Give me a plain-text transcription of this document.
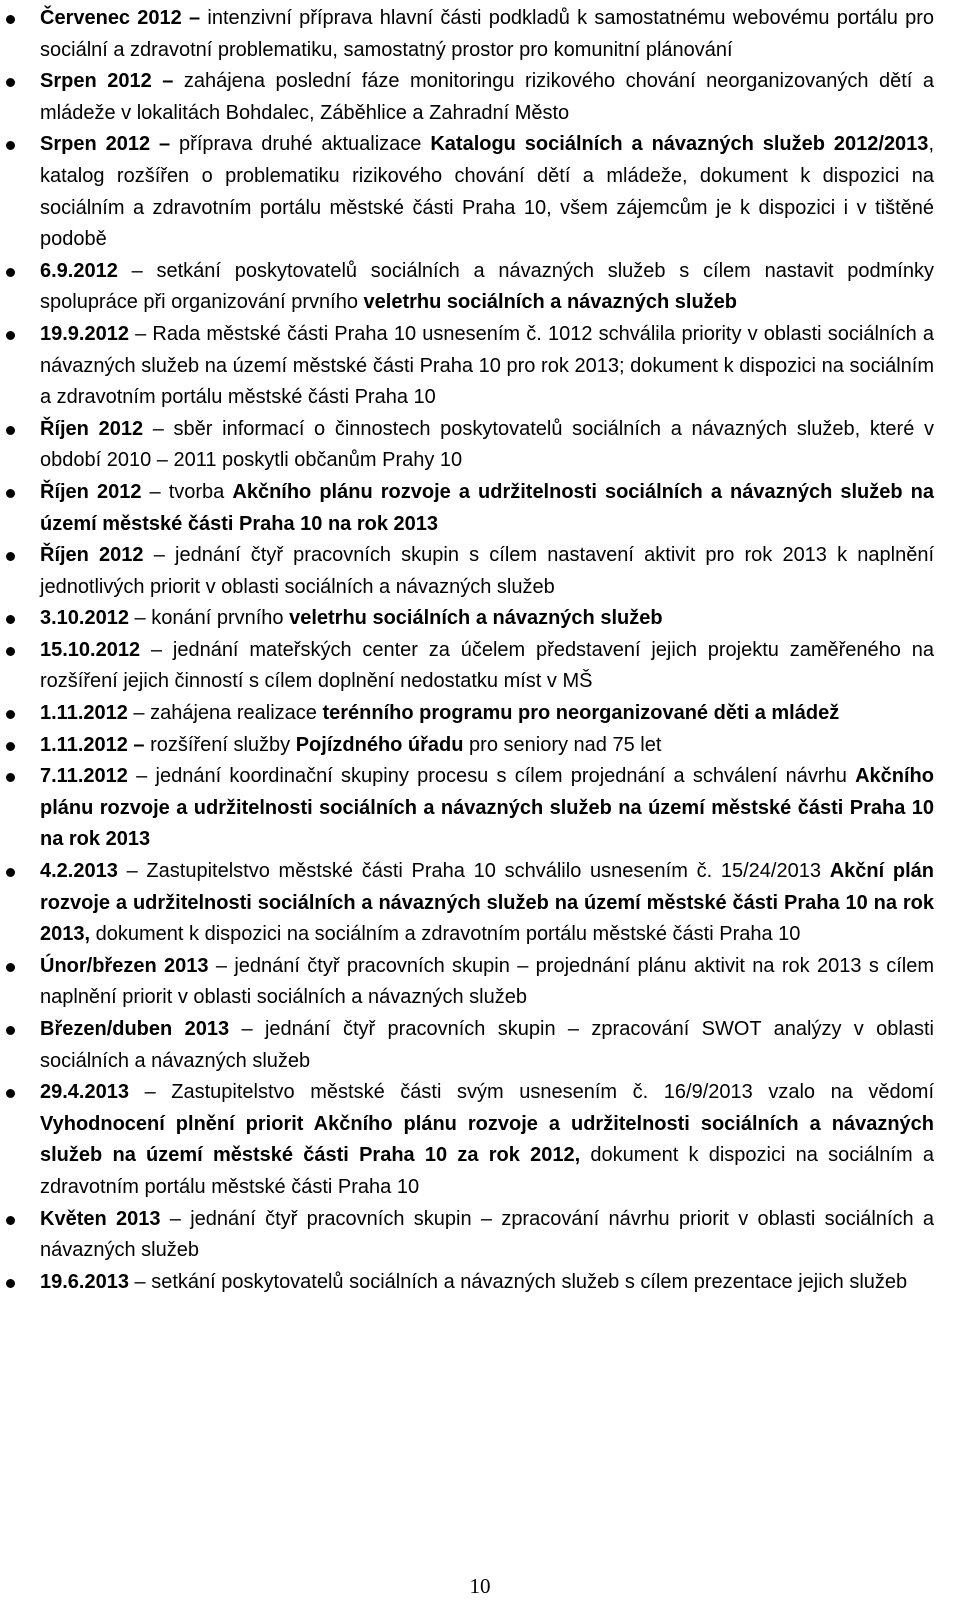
Červenec 2012 – intenzivní příprava hlavní části podkladů k samostatnému webovému portálu pro sociální a zdravotní problematiku, samostatný prostor pro komunitní plánování
Srpen 2012 – zahájena poslední fáze monitoringu rizikového chování neorganizovaných dětí a mládeže v lokalitách Bohdalec, Záběhlice a Zahradní Město
Srpen 2012 – příprava druhé aktualizace Katalogu sociálních a návazných služeb 2012/2013, katalog rozšířen o problematiku rizikového chování dětí a mládeže, dokument k dispozici na sociálním a zdravotním portálu městské části Praha 10, všem zájemcům je k dispozici i v tištěné podobě
6.9.2012 – setkání poskytovatelů sociálních a návazných služeb s cílem nastavit podmínky spolupráce při organizování prvního veletrhu sociálních a návazných služeb
19.9.2012 – Rada městské části Praha 10 usnesením č. 1012 schválila priority v oblasti sociálních a návazných služeb na území městské části Praha 10 pro rok 2013; dokument k dispozici na sociálním a zdravotním portálu městské části Praha 10
Říjen 2012 – sběr informací o činnostech poskytovatelů sociálních a návazných služeb, které v období 2010 – 2011 poskytli občanům Prahy 10
Říjen 2012 – tvorba Akčního plánu rozvoje a udržitelnosti sociálních a návazných služeb na území městské části Praha 10 na rok 2013
Říjen 2012 – jednání čtyř pracovních skupin s cílem nastavení aktivit pro rok 2013 k naplnění jednotlivých priorit v oblasti sociálních a návazných služeb
3.10.2012 – konání prvního veletrhu sociálních a návazných služeb
15.10.2012 – jednání mateřských center za účelem představení jejich projektu zaměřeného na rozšíření jejich činností s cílem doplnění nedostatku míst v MŠ
1.11.2012 – zahájena realizace terénního programu pro neorganizované děti a mládež
1.11.2012 – rozšíření služby Pojízdného úřadu pro seniory nad 75 let
7.11.2012 – jednání koordinační skupiny procesu s cílem projednání a schválení návrhu Akčního plánu rozvoje a udržitelnosti sociálních a návazných služeb na území městské části Praha 10 na rok 2013
4.2.2013 – Zastupitelstvo městské části Praha 10 schválilo usnesením č. 15/24/2013 Akční plán rozvoje a udržitelnosti sociálních a návazných služeb na území městské části Praha 10 na rok 2013, dokument k dispozici na sociálním a zdravotním portálu městské části Praha 10
Únor/březen 2013 – jednání čtyř pracovních skupin – projednání plánu aktivit na rok 2013 s cílem naplnění priorit v oblasti sociálních a návazných služeb
Březen/duben 2013 – jednání čtyř pracovních skupin – zpracování SWOT analýzy v oblasti sociálních a návazných služeb
29.4.2013 – Zastupitelstvo městské části svým usnesením č. 16/9/2013 vzalo na vědomí Vyhodnocení plnění priorit Akčního plánu rozvoje a udržitelnosti sociálních a návazných služeb na území městské části Praha 10 za rok 2012, dokument k dispozici na sociálním a zdravotním portálu městské části Praha 10
Květen 2013 – jednání čtyř pracovních skupin – zpracování návrhu priorit v oblasti sociálních a návazných služeb
19.6.2013 – setkání poskytovatelů sociálních a návazných služeb s cílem prezentace jejich služeb
10
